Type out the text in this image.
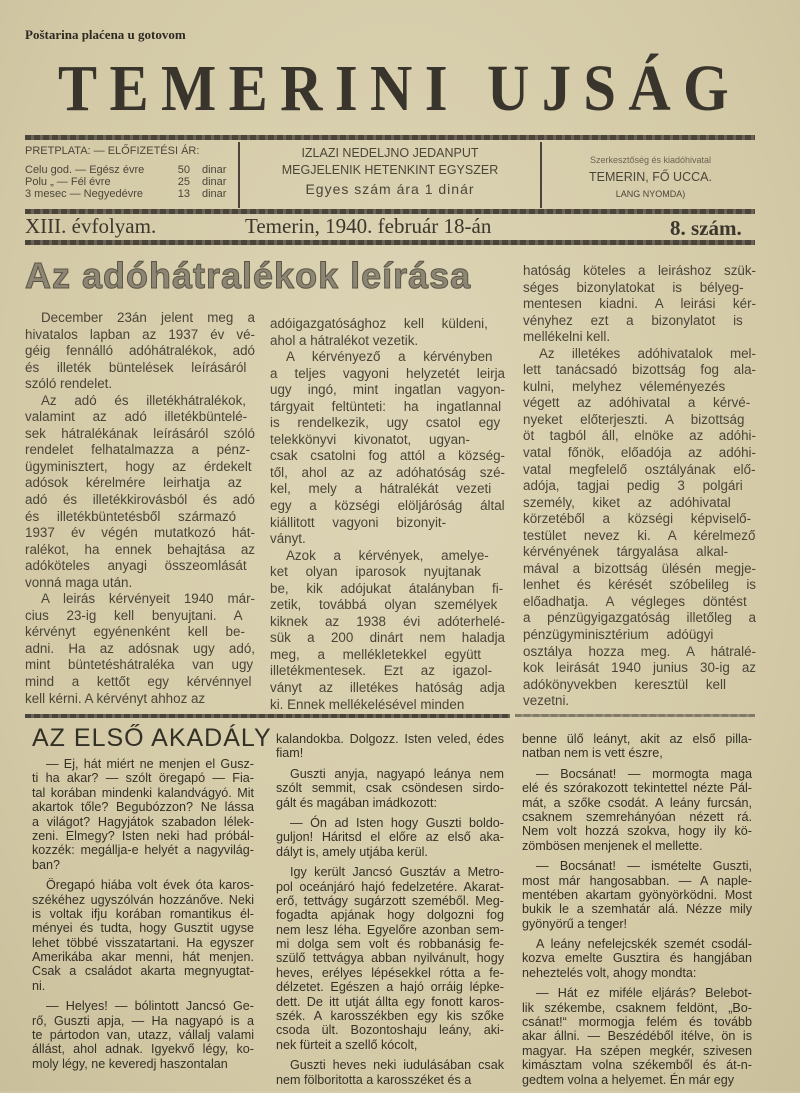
Poštarina plaćena u gotovom
TEMERINI UJSÁG
PRETPLATA: — ELŐFIZETÉSI ÁR:
Celu god. — Egész évre	50 dinar
Polu „ — Fél évre	25 dinar
3 mesec — Negyedévre	13 dinar
IZLAZI NEDELJNO JEDANPUT
MEGJELENIK HETENKINT EGYSZER
Egyes szám ára 1 dinár
Szerkesztőség és kiadóhivatal
TEMERIN, FŐ UCCA.
LANG NYOMDA)
XIII. évfolyam.	Temerin, 1940. február 18-án	8. szám.
Az adóhátralékok leírása
December 23án jelent meg a
hivatalos lapban az 1937 év vé-
géig fennálló adóhátralékok, adó
és illeték büntelések leírásáról
szóló rendelet.
Az adó és illetékhátralékok,
valamint az adó illetékbüntelé-
sek hátralékának leírásáról szóló
rendelet felhatalmazza a pénz-
ügyminisztert, hogy az érdekelt
adósok kérelmére leirhatja az
adó és illetékkirovásból és adó
és illetékbüntetésből származó
1937 év végén mutatkozó hát-
ralékot, ha ennek behajtása az
adóköteles anyagi összeomlását
vonná maga után.
A leirás kérvényeit 1940 már-
cius 23-ig kell benyujtani. A
kérvényt egyénenként kell be-
adni. Ha az adósnak ugy adó,
mint büntetéshátraléka van ugy
mind a kettőt egy kérvénnyel
kell kérni. A kérvényt ahhoz az
adóigazgatósághoz kell küldeni,
ahol a hátralékot vezetik.
A kérvényező a kérvényben
a teljes vagyoni helyzetét leirja
ugy ingó, mint ingatlan vagyon-
tárgyait feltünteti: ha ingatlannal
is rendelkezik, ugy csatol egy
telekkönyvi kivonatot, ugyan-
csak csatolni fog attól a község-
től, ahol az az adóhatóság szé-
kel, mely a hátralékát vezeti
egy a községi elöljáróság által
kiállitott vagyoni bizonyit-
ványt.
Azok a kérvények, amelye-
ket olyan iparosok nyujtanak
be, kik adójukat átalányban fi-
zetik, továbbá olyan személyek
kiknek az 1938 évi adóterhelé-
sük a 200 dinárt nem haladja
meg, a mellékletekkel együtt
illetékmentesek. Ezt az igazol-
ványt az illetékes hatóság adja
ki. Ennek mellékelésével minden
hatóság köteles a leiráshoz szük-
séges bizonylatokat is bélyeg-
mentesen kiadni. A leirási kér-
vényhez ezt a bizonylatot is
mellékelni kell.
Az illetékes adóhivatalok mel-
lett tanácsadó bizottság fog ala-
kulni, melyhez véleményezés
végett az adóhivatal a kérvé-
nyeket előterjeszti. A bizottság
öt tagból áll, elnöke az adóhi-
vatal főnök, előadója az adóhi-
vatal megfelelő osztályának elő-
adója, tagjai pedig 3 polgári
személy, kiket az adóhivatal
körzetéből a községi képviselő-
testület nevez ki. A kérelmező
kérvényének tárgyalása alkal-
mával a bizottság ülésén megje-
lenhet és kérését szóbelileg is
előadhatja. A végleges döntést
a pénzügyigazgatóság illetőleg a
pénzügyminisztérium adóügyi
osztálya hozza meg. A hátralé-
kok leirását 1940 junius 30-ig az
adókönyvekben keresztül kell
vezetni.
AZ ELSŐ AKADÁLY
— Ej, hát miért ne menjen el Gusz-
ti ha akar? — szólt öregapó — Fia-
tal korában mindenki kalandvágyó. Mit
akartok tőle? Begubózzon? Ne lássa
a világot? Hagyjátok szabadon lélek-
zeni. Elmegy? Isten neki had próbál-
kozzék: megállja-e helyét a nagyvilág-
ban?
Öregapó hiába volt évek óta karos-
székéhez ugyszólván hozzánőve. Neki
is voltak ifju korában romantikus él-
ményei és tudta, hogy Gusztit ugyse
lehet többé visszatartani. Ha egyszer
Amerikába akar menni, hát menjen.
Csak a családot akarta megnyugtat-
ni.
— Helyes! — bólintott Jancsó Ge-
rő, Guszti apja, — Ha nagyapó is a
te pártodon van, utazz, vállalj valami
állást, ahol adnak. Igyekvő légy, ko-
moly légy, ne keveredj haszontalan
kalandokba. Dolgozz. Isten veled, édes
fiam!
Guszti anyja, nagyapó leánya nem
szólt semmit, csak csöndesen sirdo-
gált és magában imádkozott:
— Ón ad Isten hogy Guszti boldo-
guljon! Háritsd el előre az első aka-
dályt is, amely utjába kerül.
Igy került Jancsó Gusztáv a Metro-
pol oceánjáró hajó fedelzetére. Akarat-
erő, tettvágy sugárzott szeméből. Meg-
fogadta apjának hogy dolgozni fog
nem lesz léha. Egyelőre azonban sem-
mi dolga sem volt és robbanásig fe-
szülő tettvágya abban nyilvánult, hogy
heves, erélyes lépésekkel rótta a fe-
délzetet. Egészen a hajó orráig lépke-
dett. De itt utját állta egy fonott karos-
szék. A karosszékben egy kis szőke
csoda ült. Bozontoshaju leány, aki-
nek fürteit a szellő kócolt,
Guszti heves neki iudulásában csak
nem fölboritotta a karosszéket és a
benne ülő leányt, akit az első pilla-
natban nem is vett észre,
— Bocsánat! — mormogta maga
elé és szórakozott tekintettel nézte Pál-
mát, a szőke csodát. A leány furcsán,
csaknem szemrehányóan nézett rá.
Nem volt hozzá szokva, hogy ily kö-
zömbösen menjenek el mellette.
— Bocsánat! — ismételte Guszti,
most már hangosabban. — A naple-
mentében akartam gyönyörködni. Most
bukik le a szemhatár alá. Nézze mily
gyönyörű a tenger!
A leány nefelejcskék szemét csodál-
kozva emelte Gusztira és hangjában
neheztelés volt, ahogy mondta:
— Hát ez miféle eljárás? Belebot-
lik székembe, csaknem feldönt, „Bo-
csánat!“ mormogja felém és tovább
akar állni. — Beszédéből itélve, ön is
magyar. Ha szépen megkér, szivesen
kimásztam volna székemből és át-n-
gedtem volna a helyemet. Én már egy
